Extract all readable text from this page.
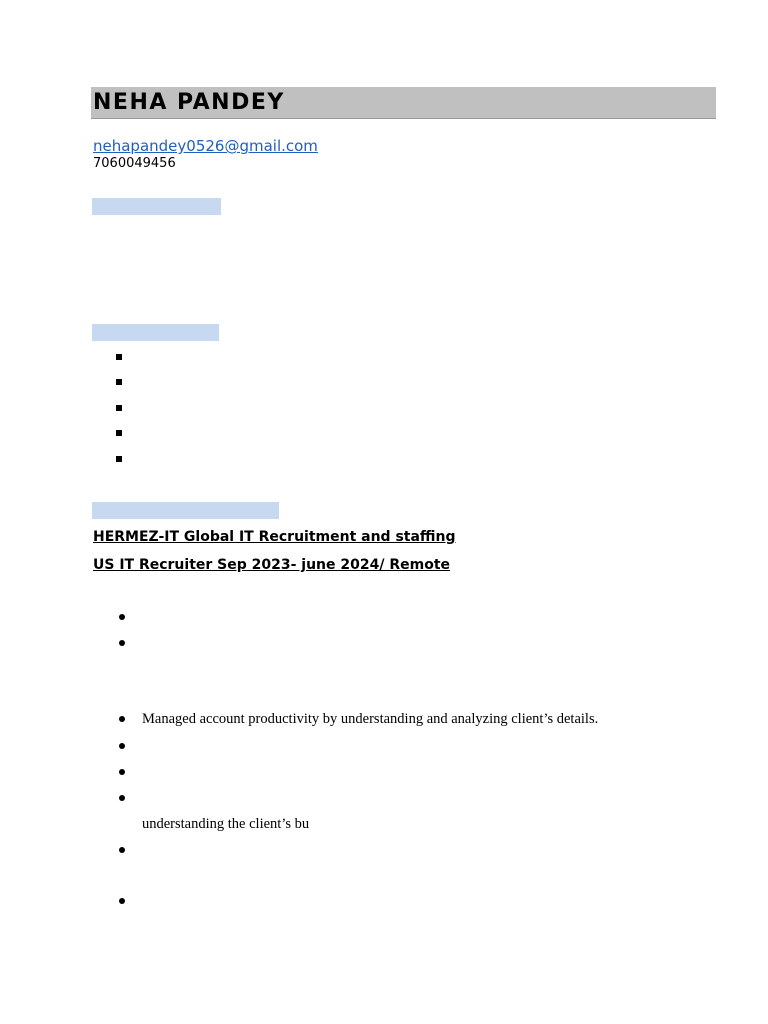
NEHA PANDEY
nehapandey0526@gmail.com
7060049456
HERMEZ-IT Global IT Recruitment and staffing
US IT Recruiter Sep 2023- june 2024/ Remote
Managed account productivity by understanding and analyzing client’s details.
understanding the client’s bu
